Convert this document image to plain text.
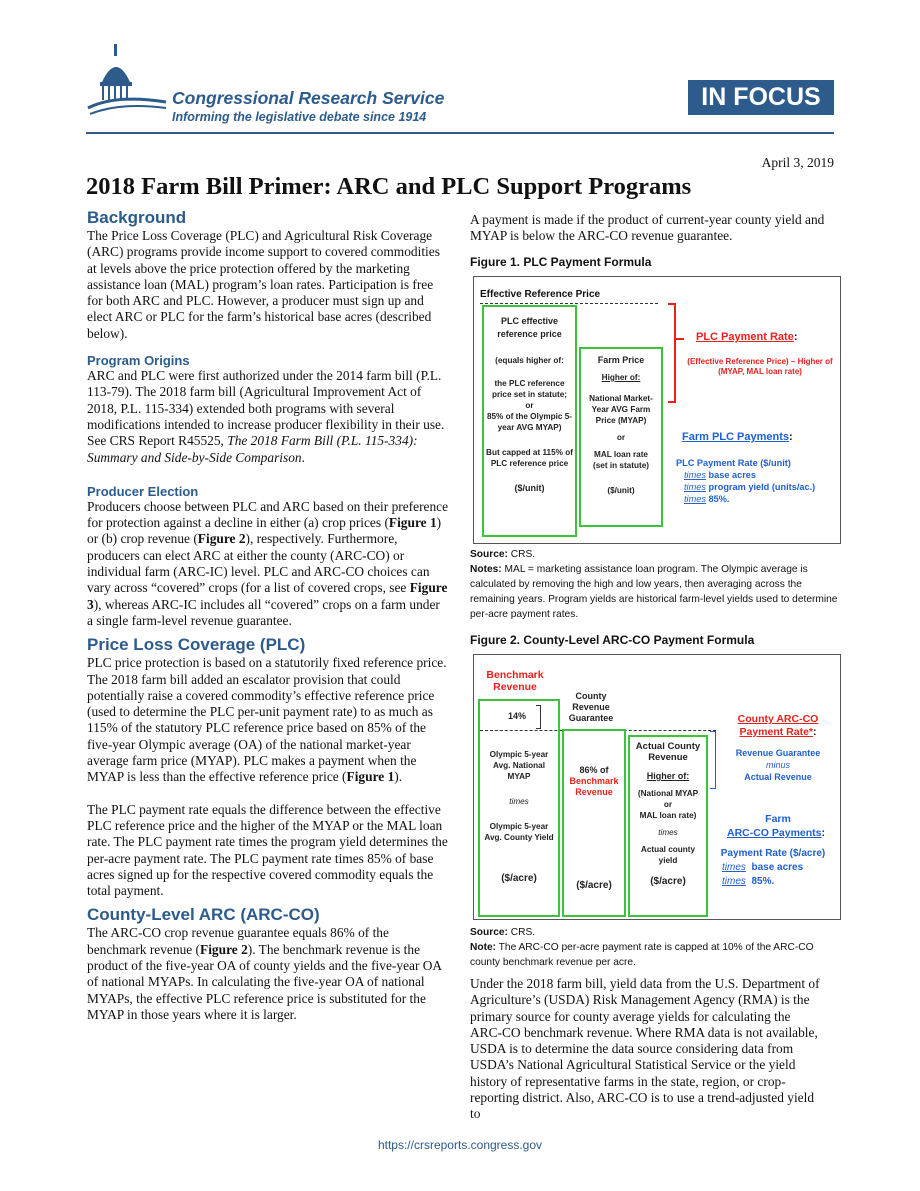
Congressional Research Service
Informing the legislative debate since 1914
IN FOCUS
April 3, 2019
2018 Farm Bill Primer: ARC and PLC Support Programs
Background

The Price Loss Coverage (PLC) and Agricultural Risk Coverage (ARC) programs provide income support to covered commodities at levels above the price protection offered by the marketing assistance loan (MAL) program’s loan rates. Participation is free for both ARC and PLC. However, a producer must sign up and elect ARC or PLC for the farm’s historical base acres (described below).

Program Origins

ARC and PLC were first authorized under the 2014 farm bill (P.L. 113-79). The 2018 farm bill (Agricultural Improvement Act of 2018, P.L. 115-334) extended both programs with several modifications intended to increase producer flexibility in their use. See CRS Report R45525, The 2018 Farm Bill (P.L. 115-334): Summary and Side-by-Side Comparison.

Producer Election

Producers choose between PLC and ARC based on their preference for protection against a decline in either (a) crop prices (Figure 1) or (b) crop revenue (Figure 2), respectively. Furthermore, producers can elect ARC at either the county (ARC-CO) or individual farm (ARC-IC) level. PLC and ARC-CO choices can vary across “covered” crops (for a list of covered crops, see Figure 3), whereas ARC-IC includes all “covered” crops on a farm under a single farm-level revenue guarantee.

Price Loss Coverage (PLC)

PLC price protection is based on a statutorily fixed reference price. The 2018 farm bill added an escalator provision that could potentially raise a covered commodity’s effective reference price (used to determine the PLC per-unit payment rate) to as much as 115% of the statutory PLC reference price based on 85% of the five-year Olympic average (OA) of the national market-year average farm price (MYAP). PLC makes a payment when the MYAP is less than the effective reference price (Figure 1).

The PLC payment rate equals the difference between the effective PLC reference price and the higher of the MYAP or the MAL loan rate. The PLC payment rate times the program yield determines the per-acre payment rate. The PLC payment rate times 85% of base acres signed up for the respective covered commodity equals the total payment.

County-Level ARC (ARC-CO)

The ARC-CO crop revenue guarantee equals 86% of the benchmark revenue (Figure 2). The benchmark revenue is the product of the five-year OA of county yields and the five-year OA of national MYAPs. In calculating the five-year OA of national MYAPs, the effective PLC reference price is substituted for the MYAP in those years where it is larger.

A payment is made if the product of current-year county yield and MYAP is below the ARC-CO revenue guarantee.

Figure 1. PLC Payment Formula
Effective Reference Price
PLC effective reference price
(equals higher of:
the PLC reference price set in statute;
or
85% of the Olympic 5-year AVG MYAP)
But capped at 115% of PLC reference price
($/unit)
Farm Price
Higher of:
National Market-Year AVG Farm Price (MYAP)
or
MAL loan rate (set in statute)
($/unit)
PLC Payment Rate:
(Effective Reference Price) – Higher of (MYAP, MAL loan rate)
Farm PLC Payments:
PLC Payment Rate ($/unit)
times base acres
times program yield (units/ac.)
times 85%.
Source: CRS.
Notes: MAL = marketing assistance loan program. The Olympic average is calculated by removing the high and low years, then averaging across the remaining years. Program yields are historical farm-level yields used to determine per-acre payment rates.
Figure 2. County-Level ARC-CO Payment Formula
Benchmark Revenue
County Revenue Guarantee
14%
Olympic 5-year Avg. National MYAP
times
Olympic 5-year Avg. County Yield
($/acre)
86% of
Benchmark Revenue
($/acre)
Actual County Revenue
Higher of:
(National MYAP
or
MAL loan rate)
times
Actual county yield
($/acre)
County ARC-CO Payment Rate*:
Revenue Guarantee
minus
Actual Revenue
Farm
ARC-CO Payments:
Payment Rate ($/acre)
times base acres
times 85%.
Source: CRS.
Note: The ARC-CO per-acre payment rate is capped at 10% of the ARC-CO county benchmark revenue per acre.

Under the 2018 farm bill, yield data from the U.S. Department of Agriculture’s (USDA) Risk Management Agency (RMA) is the primary source for county average yields for calculating the ARC-CO benchmark revenue. Where RMA data is not available, USDA is to determine the data source considering data from USDA’s National Agricultural Statistical Service or the yield history of representative farms in the state, region, or crop-reporting district. Also, ARC-CO is to use a trend-adjusted yield to

https://crsreports.congress.gov
